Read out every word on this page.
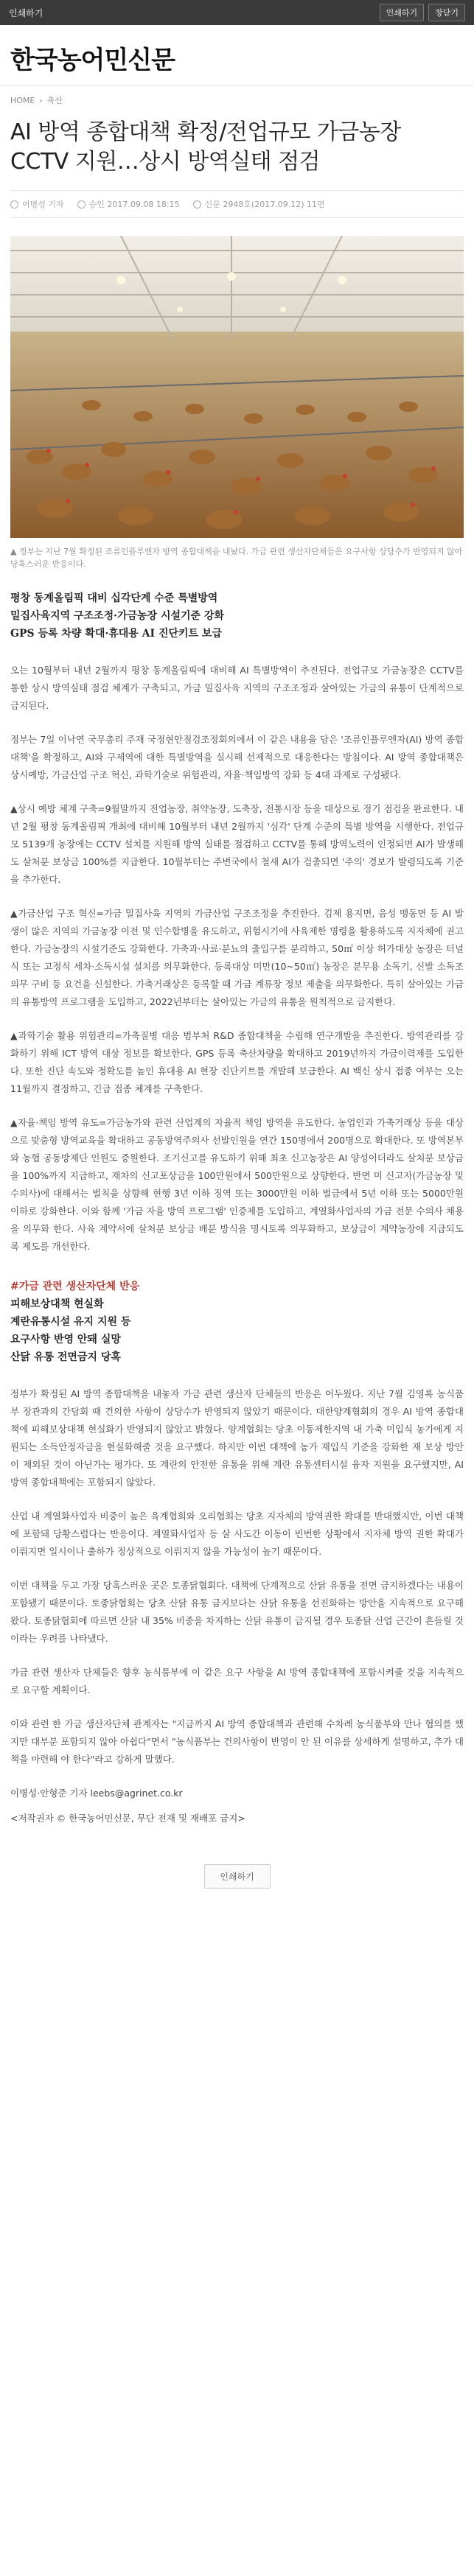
인쇄하기	인쇄하기	창닫기
한국농어민신문
HOME › 축산
AI 방역 종합대책 확정/전업규모 가금농장 CCTV 지원…상시 방역실태 점검
이병성 기자	승인 2017.09.08 18:15	신문 2948호(2017.09.12) 11면
▲ 정부는 지난 7월 확정된 조류인플루엔자 방역 종합대책을 내놨다. 가금 관련 생산자단체들은 요구사항 상당수가 반영되지 않아 당혹스러운 반응이다.

평창 동계올림픽 대비 십각단계 수준 특별방역

밀집사육지역 구조조정·가금농장 시설기준 강화

GPS 등록 차량 확대·휴대용 AI 진단키트 보급

오는 10월부터 내년 2월까지 평창 동계올림픽에 대비해 AI 특별방역이 추진된다. 전업규모 가금농장은 CCTV를 통한 상시 방역실태 점검 체계가 구축되고, 가금 밀집사육 지역의 구조조정과 살아있는 가금의 유통이 단계적으로 금지된다.

정부는 7일 이낙연 국무총리 주재 국정현안점검조정회의에서 이 같은 내용을 담은 '조류인플루엔자(AI) 방역 종합대책'을 확정하고, AI와 구제역에 대한 특별방역을 실시해 선제적으로 대응한다는 방침이다. AI 방역 종합대책은 상시예방, 가금산업 구조 혁신, 과학기술로 위험관리, 자율·책임방역 강화 등 4대 과제로 구성됐다.

▲상시 예방 체계 구축=9월말까지 전업농장, 취약농장, 도축장, 전통시장 등을 대상으로 정기 점검을 완료한다. 내년 2월 평창 동계올림픽 개최에 대비해 10월부터 내년 2월까지 '심각' 단계 수준의 특별 방역을 시행한다. 전업규모 5139개 농장에는 CCTV 설치를 지원해 방역 실태를 점검하고 CCTV를 통해 방역노력이 인정되면 AI가 발생해도 살처분 보상금 100%를 지급한다. 10월부터는 주변국에서 철새 AI가 검출되면 '주의' 경보가 발령되도록 기준을 추가한다.

▲가금산업 구조 혁신=가금 밀집사육 지역의 가금산업 구조조정을 추진한다. 김제 용지면, 음성 맹동면 등 AI 발생이 많은 지역의 가금농장 이전 및 인수합병을 유도하고, 위험시기에 사육제한 명령을 활용하도록 지자체에 권고한다. 가금농장의 시설기준도 강화한다. 가축과·사료·분뇨의 출입구를 분리하고, 50㎡ 이상 허가대상 농장은 터널식 또는 고정식 세차·소독시설 설치를 의무화한다. 등록대상 미만(10~50㎡) 농장은 분무용 소독기, 신발 소독조 의무 구비 등 요건을 신설한다. 가축거래상은 등록할 때 가금 계류장 정보 제출을 의무화한다. 특히 살아있는 가금의 유통방역 프로그램을 도입하고, 2022년부터는 살아있는 가금의 유통을 원칙적으로 금지한다.

▲과학기술 활용 위험관리=가축질병 대응 범부처 R&D 종합대책을 수립해 연구개발을 추진한다. 방역관리를 강화하기 위해 ICT 방역 대상 정보를 확보한다. GPS 등록 축산차량을 확대하고 2019년까지 가금이력제를 도입한다. 또한 진단 속도와 정확도를 높인 휴대용 AI 현장 진단키트를 개발해 보급한다. AI 백신 상시 접종 여부는 오는 11월까지 결정하고, 긴급 접종 체계를 구축한다.

▲자율·책임 방역 유도=가금농가와 관련 산업계의 자율적 책임 방역을 유도한다. 농업인과 가축거래상 등을 대상으로 맞춤형 방역교육을 확대하고 공동방역주의사 선발인원을 연간 150명에서 200명으로 확대한다. 또 방역본부와 농협 공동방제단 인원도 증원한다. 조기신고를 유도하기 위해 최초 신고농장은 AI 양성이더라도 살처분 보상금을 100%까지 지급하고, 재차의 신고포상금을 100만원에서 500만원으로 상향한다. 반면 미 신고자(가금농장 및 수의사)에 대해서는 벌칙을 상향해 현행 3년 이하 징역 또는 3000만원 이하 벌금에서 5년 이하 또는 5000만원 이하로 강화한다. 이와 함께 '가금 자율 방역 프로그램' 인증제를 도입하고, 계열화사업자의 가금 전문 수의사 채용을 의무화 한다. 사육 계약서에 살처분 보상금 배분 방식을 명시토록 의무화하고, 보상금이 계약농장에 지급되도록 제도를 개선한다.

#가금 관련 생산자단체 반응

피해보상대책 현실화

계란유통시설 유지 지원 등

요구사항 반영 안돼 실망

산닭 유통 전면금지 당혹

정부가 확정된 AI 방역 종합대책을 내놓자 가금 관련 생산자 단체들의 반응은 어두웠다. 지난 7월 김영록 농식품부 장관과의 간담회 때 건의한 사항이 상당수가 반영되지 않았기 때문이다. 대한양계협회의 경우 AI 방역 종합대책에 피해보상대책 현실화가 반영되지 않았고 밝혔다. 양계협회는 당초 이동제한지역 내 가축 미입식 농가에게 지원되는 소득안정자금을 현실화해줄 것을 요구했다. 하지만 이번 대책에 농가 재입식 기준을 강화한 재 보상 방안이 제외된 것이 아닌가는 평가다. 또 계란의 안전한 유통을 위해 계란 유통센터시설 융자 지원을 요구했지만, AI 방역 종합대책에는 포함되지 않았다.

산업 내 계열화사업자 비중이 높은 육계협회와 오리협회는 당초 지자체의 방역권한 확대를 반대했지만, 이번 대책에 포함돼 당황스럽다는 반응이다. 계열화사업자 등 살 사도간 이동이 빈번한 상황에서 지자체 방역 권한 확대가 이뤄지면 일시이나 출하가 정상적으로 이뤄지지 않을 가능성이 높기 때문이다.

이번 대책을 두고 가장 당혹스러운 곳은 토종닭협회다. 대책에 단계적으로 산닭 유통을 전면 금지하겠다는 내용이 포함됐기 때문이다. 토종닭협회는 당초 산닭 유통 금지보다는 산닭 유통을 선진화하는 방안을 지속적으로 요구해 왔다. 토종닭협회에 따르면 산닭 내 35% 비중을 차지하는 산닭 유통이 금지될 경우 토종닭 산업 근간이 흔들릴 것이라는 우려를 나타냈다.

가금 관련 생산자 단체들은 향후 농식품부에 이 같은 요구 사항을 AI 방역 종합대책에 포함시켜줄 것을 지속적으로 요구할 계획이다.

이와 관련 한 가금 생산자단체 관계자는 "지금까지 AI 방역 종합대책과 관련해 수차례 농식품부와 만나 협의를 했지만 대부분 포함되지 않아 아쉽다"면서 "농식품부는 건의사항이 반영이 안 된 이유를 상세하게 설명하고, 추가 대책을 마련해 야 한다"라고 강하게 말했다.

이병성·안형준 기자 leebs@agrinet.co.kr
<저작권자 © 한국농어민신문, 무단 전재 및 재배포 금지>
인쇄하기
